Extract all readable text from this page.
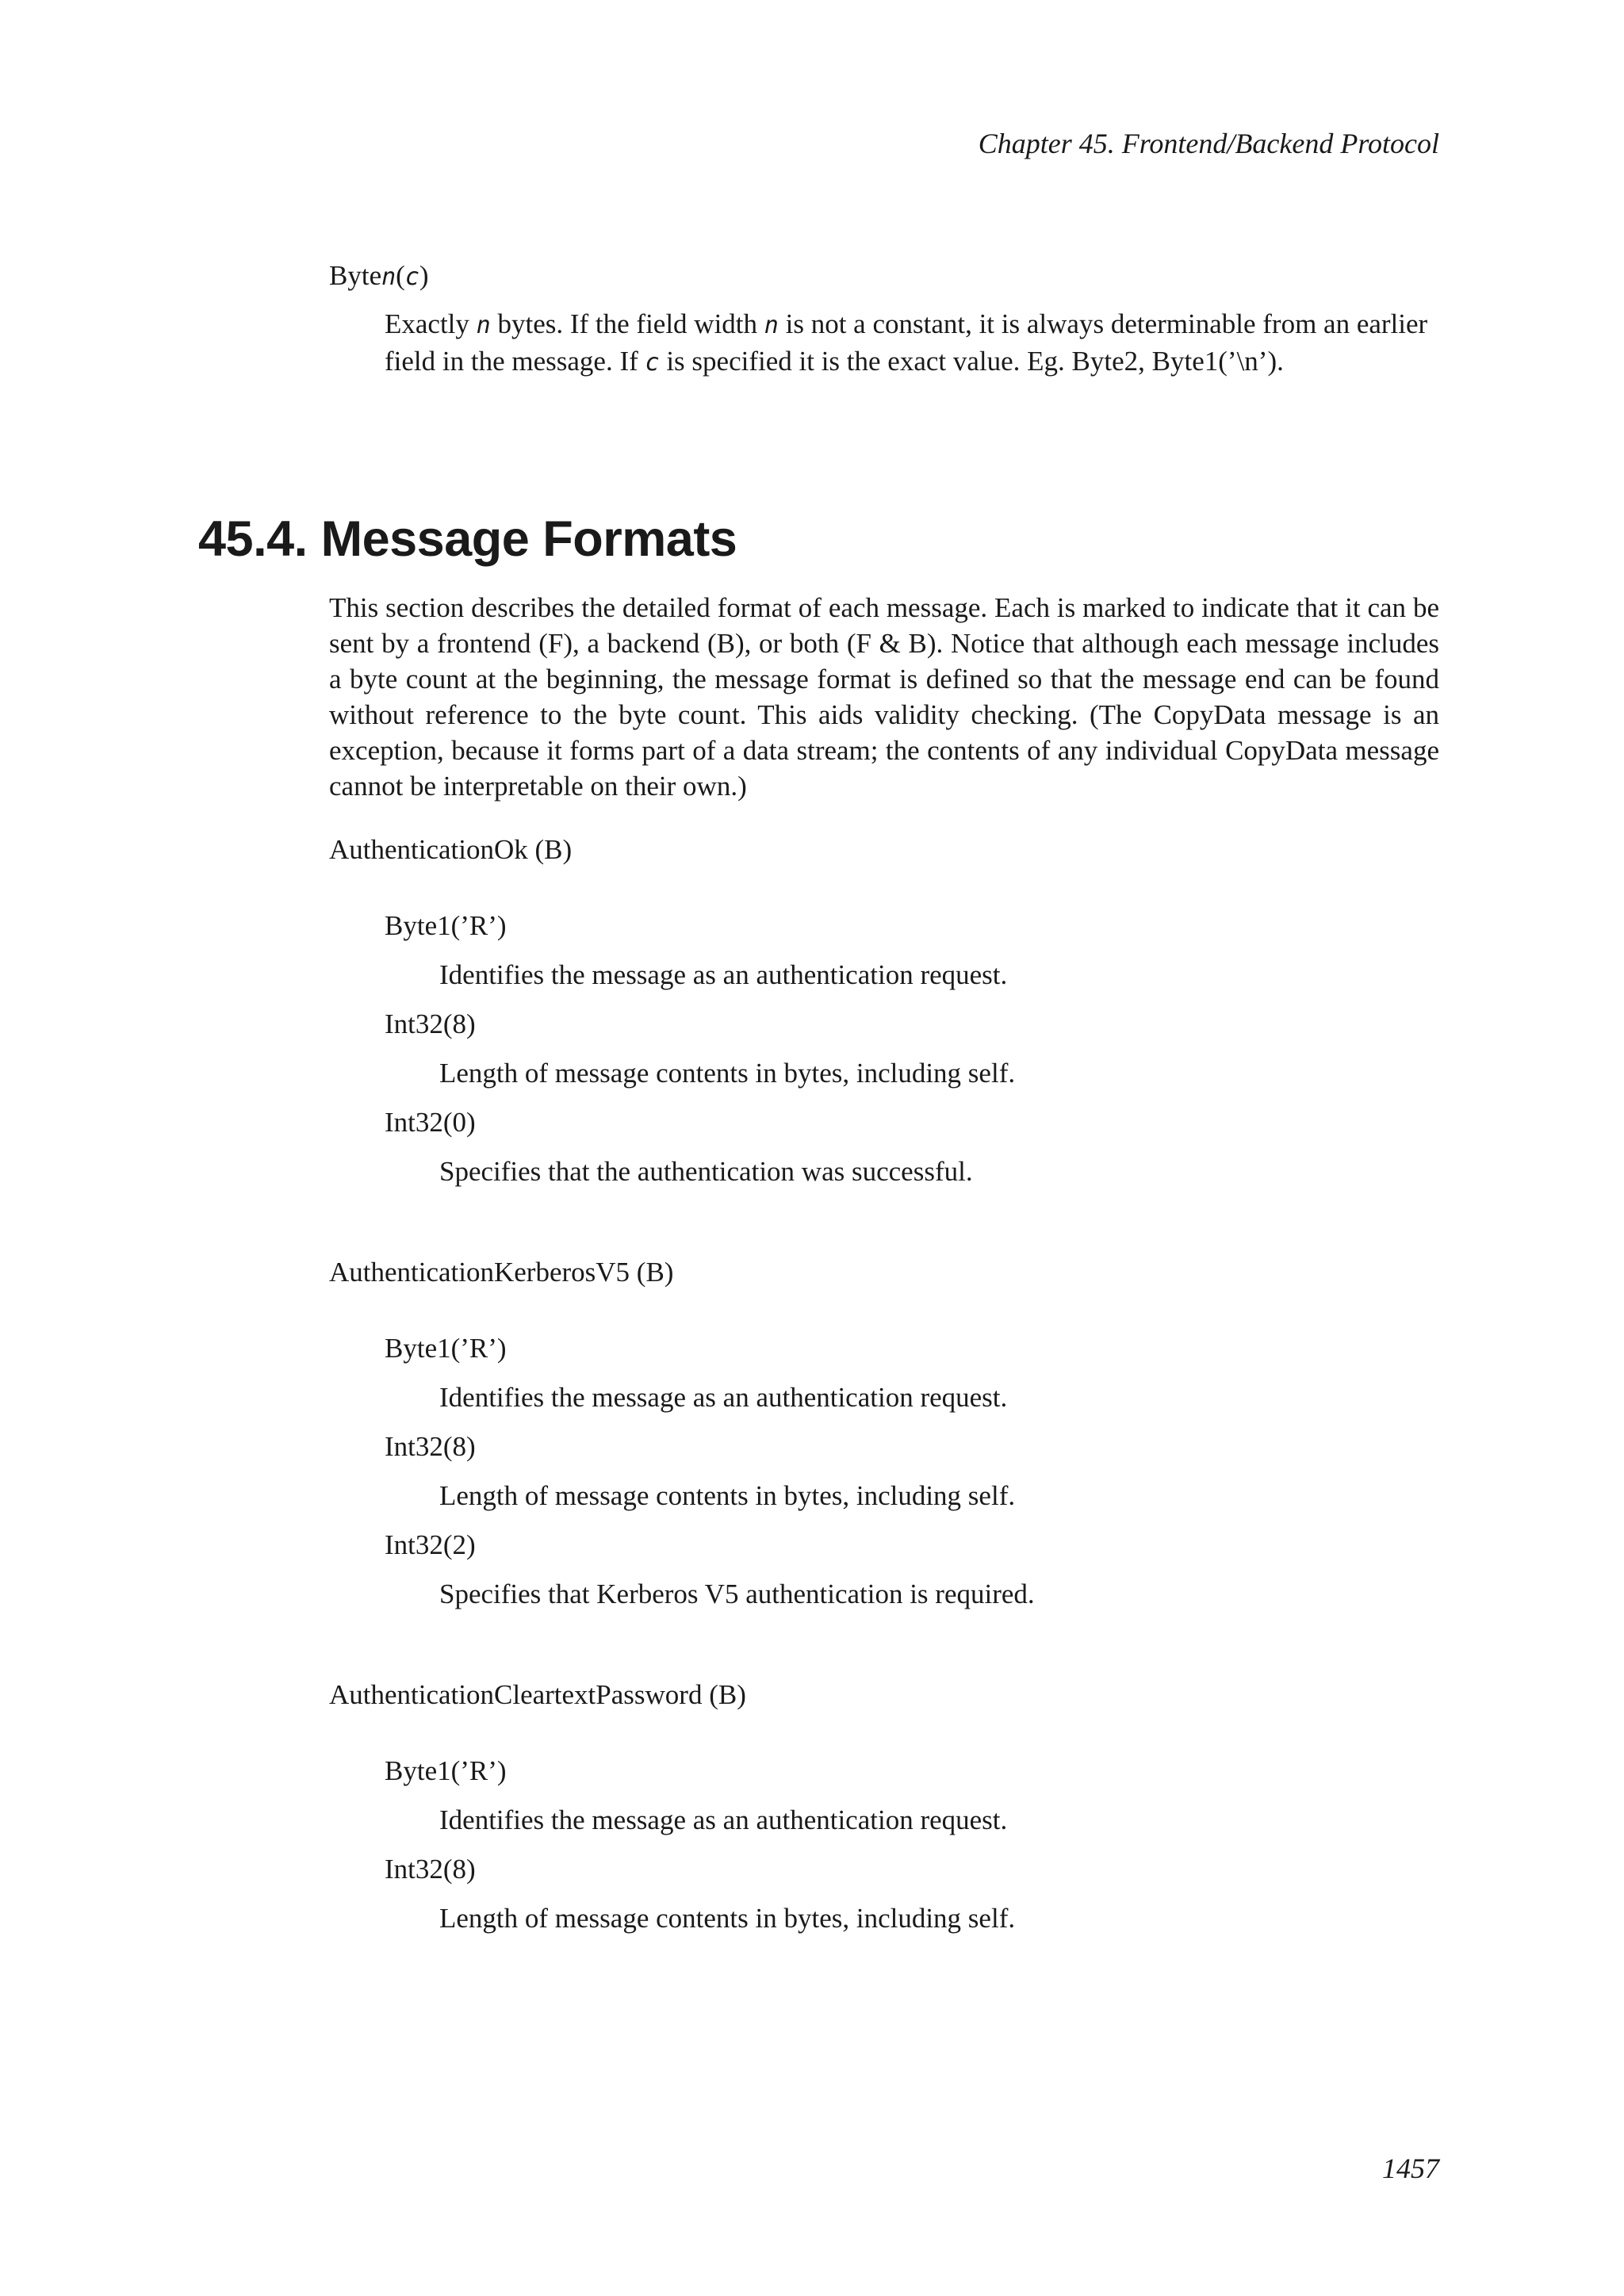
Chapter 45. Frontend/Backend Protocol
Byten(c)
Exactly n bytes. If the field width n is not a constant, it is always determinable from an earlier field in the message. If c is specified it is the exact value. Eg. Byte2, Byte1(’\n’).
45.4. Message Formats
This section describes the detailed format of each message. Each is marked to indicate that it can be sent by a frontend (F), a backend (B), or both (F & B). Notice that although each message includes a byte count at the beginning, the message format is defined so that the message end can be found without reference to the byte count. This aids validity checking. (The CopyData message is an exception, because it forms part of a data stream; the contents of any individual CopyData message cannot be interpretable on their own.)
AuthenticationOk (B)
Byte1(’R’)
Identifies the message as an authentication request.
Int32(8)
Length of message contents in bytes, including self.
Int32(0)
Specifies that the authentication was successful.
AuthenticationKerberosV5 (B)
Byte1(’R’)
Identifies the message as an authentication request.
Int32(8)
Length of message contents in bytes, including self.
Int32(2)
Specifies that Kerberos V5 authentication is required.
AuthenticationCleartextPassword (B)
Byte1(’R’)
Identifies the message as an authentication request.
Int32(8)
Length of message contents in bytes, including self.
1457
